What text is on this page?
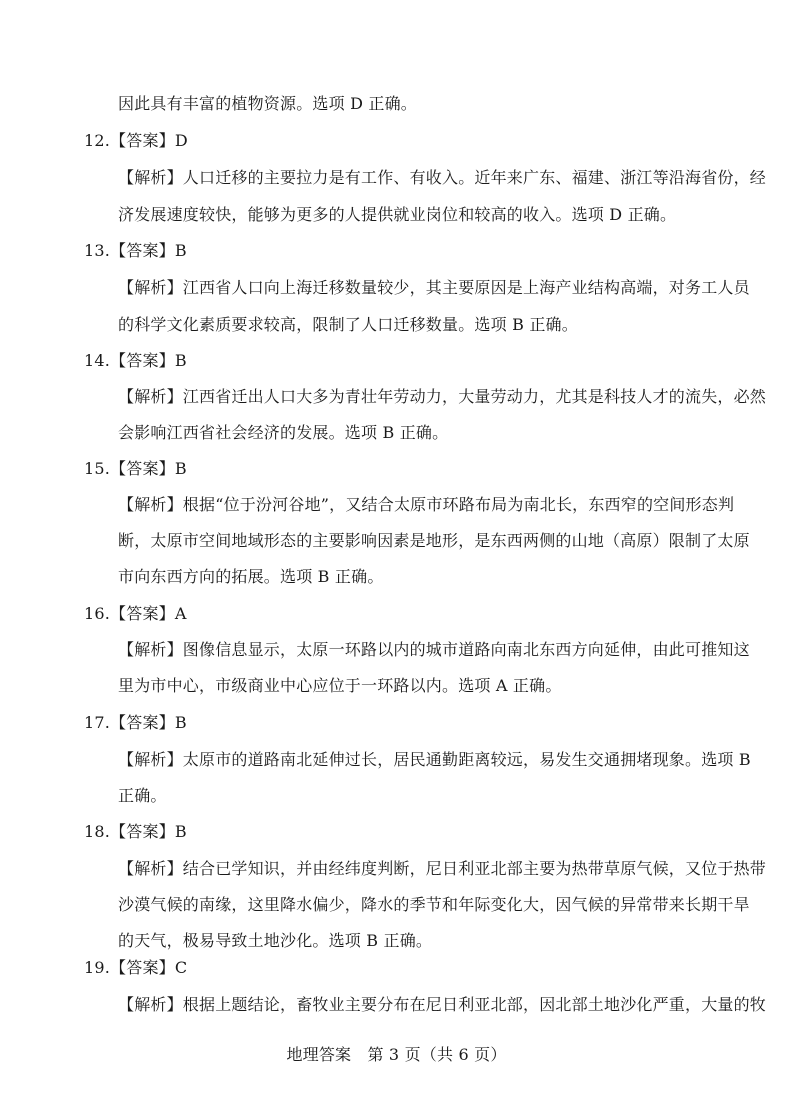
因此具有丰富的植物资源。选项 D 正确。
12.【答案】D
【解析】人口迁移的主要拉力是有工作、有收入。近年来广东、福建、浙江等沿海省份，经
济发展速度较快，能够为更多的人提供就业岗位和较高的收入。选项 D 正确。
13.【答案】B
【解析】江西省人口向上海迁移数量较少，其主要原因是上海产业结构高端，对务工人员
的科学文化素质要求较高，限制了人口迁移数量。选项 B 正确。
14.【答案】B
【解析】江西省迁出人口大多为青壮年劳动力，大量劳动力，尤其是科技人才的流失，必然
会影响江西省社会经济的发展。选项 B 正确。
15.【答案】B
【解析】根据“位于汾河谷地”，又结合太原市环路布局为南北长，东西窄的空间形态判
断，太原市空间地域形态的主要影响因素是地形，是东西两侧的山地（高原）限制了太原
市向东西方向的拓展。选项 B 正确。
16.【答案】A
【解析】图像信息显示，太原一环路以内的城市道路向南北东西方向延伸，由此可推知这
里为市中心，市级商业中心应位于一环路以内。选项 A 正确。
17.【答案】B
【解析】太原市的道路南北延伸过长，居民通勤距离较远，易发生交通拥堵现象。选项 B
正确。
18.【答案】B
【解析】结合已学知识，并由经纬度判断，尼日利亚北部主要为热带草原气候，又位于热带
沙漠气候的南缘，这里降水偏少，降水的季节和年际变化大，因气候的异常带来长期干旱
的天气，极易导致土地沙化。选项 B 正确。
19.【答案】C
【解析】根据上题结论，畜牧业主要分布在尼日利亚北部，因北部土地沙化严重，大量的牧
地理答案　第 3 页（共 6 页）
